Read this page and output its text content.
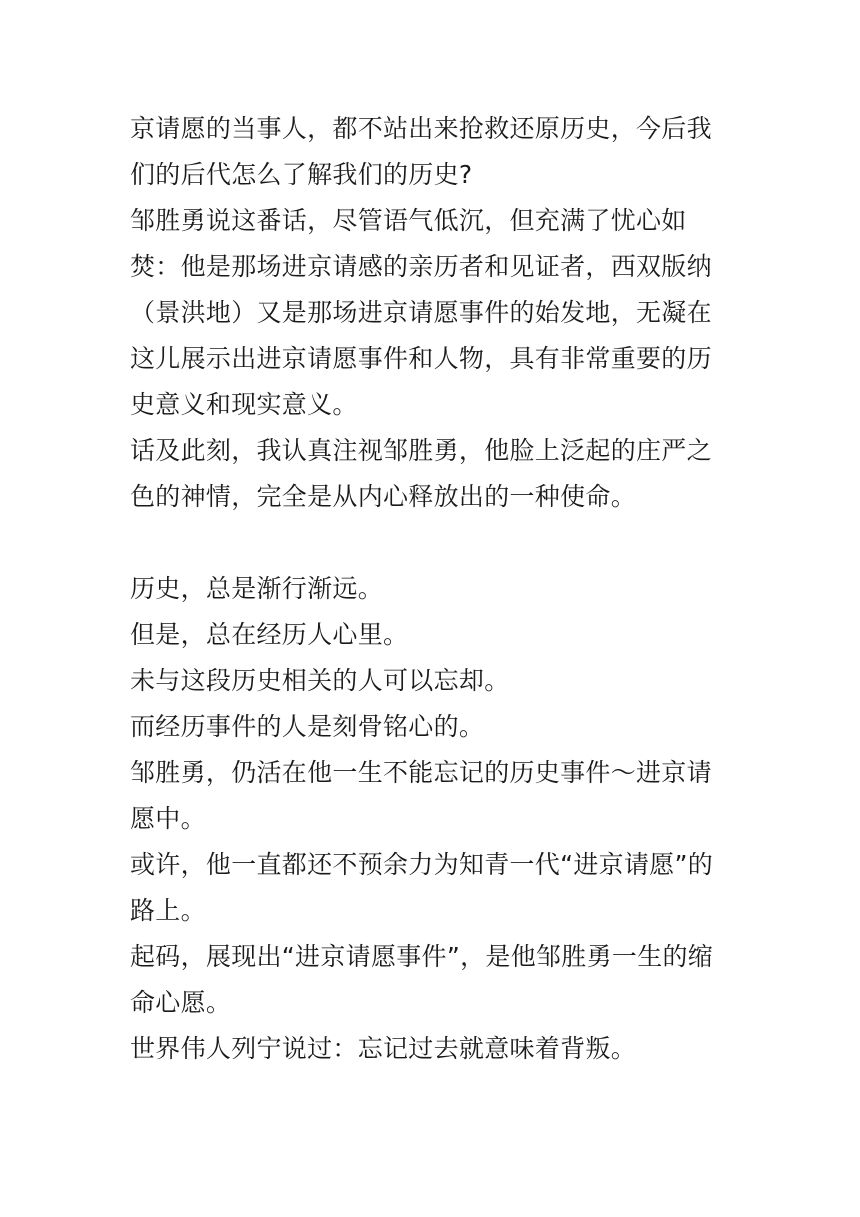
京请愿的当事人，都不站出来抢救还原历史，今后我们的后代怎么了解我们的历史?

邹胜勇说这番话，尽管语气低沉，但充满了忧心如焚：他是那场进京请感的亲历者和见证者，西双版纳（景洪地）又是那场进京请愿事件的始发地，无凝在这儿展示出进京请愿事件和人物，具有非常重要的历史意义和现实意义。

话及此刻，我认真注视邹胜勇，他脸上泛起的庄严之色的神情，完全是从内心释放出的一种使命。

历史，总是渐行渐远。

但是，总在经历人心里。

未与这段历史相关的人可以忘却。

而经历事件的人是刻骨铭心的。

邹胜勇，仍活在他一生不能忘记的历史事件～进京请愿中。

或许，他一直都还不预余力为知青一代“进京请愿”的路上。

起码，展现出“进京请愿事件”，是他邹胜勇一生的缩命心愿。

世界伟人列宁说过：忘记过去就意味着背叛。
